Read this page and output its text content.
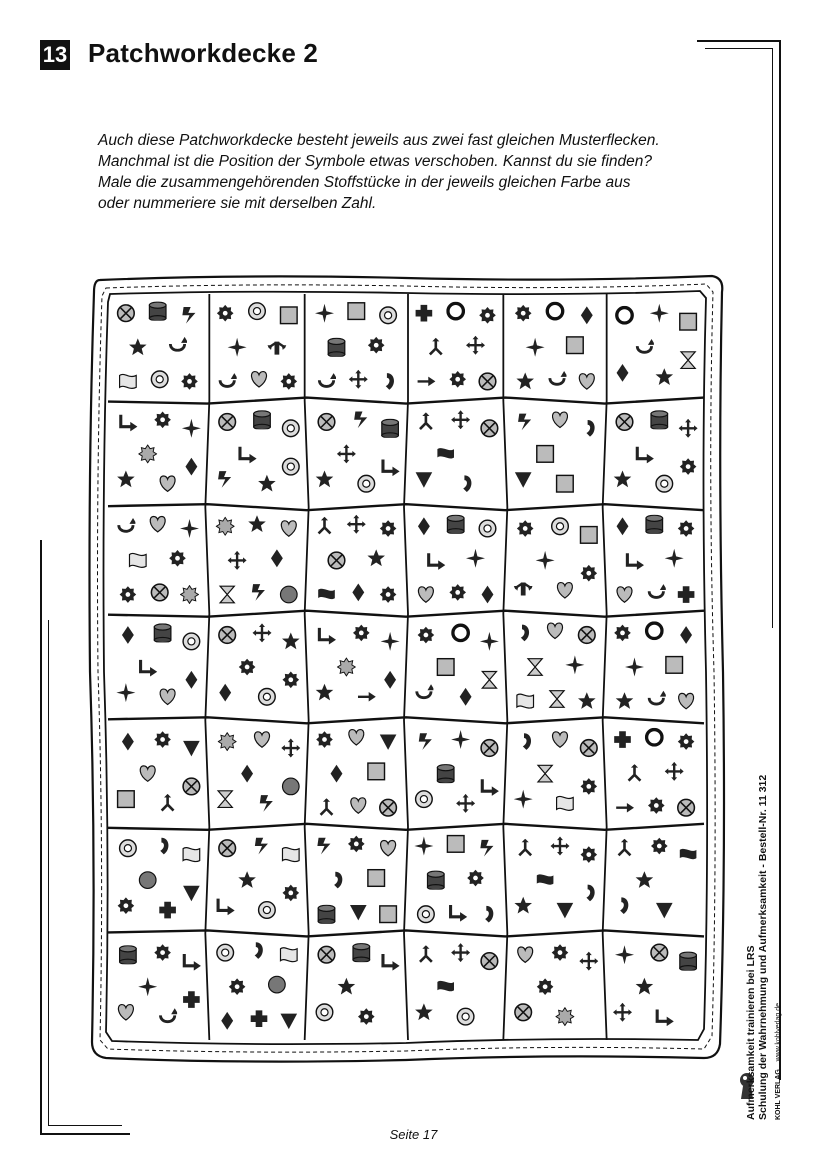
13 Patchworkdecke 2

Auch diese Patchworkdecke besteht jeweils aus zwei fast gleichen Musterflecken.

Manchmal ist die Position der Symbole etwas verschoben. Kannst du sie finden?

Male die zusammengehörenden Stoffstücke in der jeweils gleichen Farbe aus

oder nummeriere sie mit derselben Zahl.

Aufmerksamkeit trainieren bei LRS Schulung der Wahrnehmung und Aufmerksamkeit - Bestell-Nr. 11 312 KOHL VERLAG    www.kohlverlag.de
Seite 17
